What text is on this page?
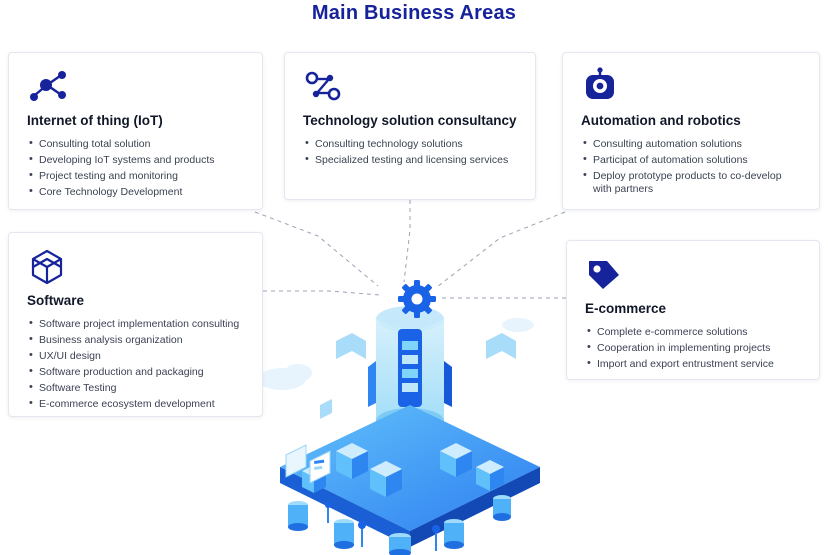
Main Business Areas
Internet of thing (IoT)
• Consulting total solution
• Developing IoT systems and products
• Project testing and monitoring
• Core Technology Development
Technology solution consultancy
• Consulting technology solutions
• Specialized testing and licensing services
Automation and robotics
• Consulting automation solutions
• Participat of automation solutions
• Deploy prototype products to co-develop with partners
Software
• Software project implementation consulting
• Business analysis organization
• UX/UI design
• Software production and packaging
• Software Testing
• E-commerce ecosystem development
E-commerce
• Complete e-commerce solutions
• Cooperation in implementing projects
• Import and export entrustment service
